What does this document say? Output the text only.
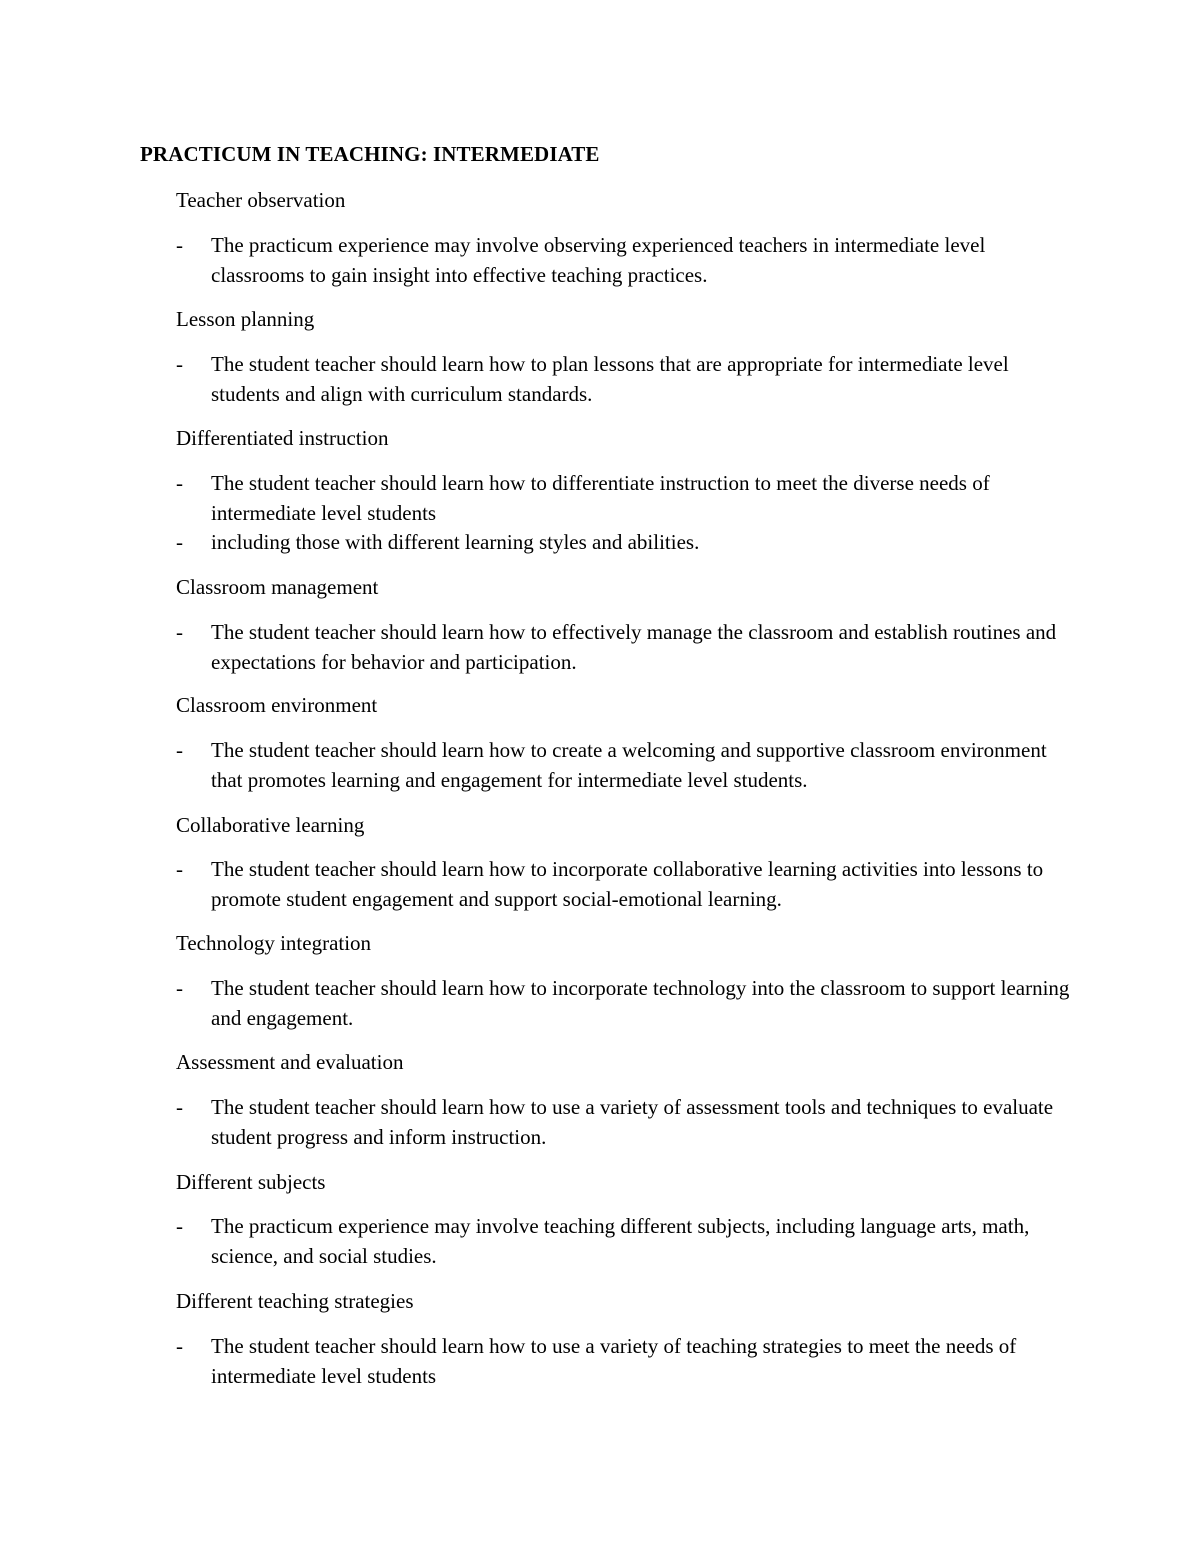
PRACTICUM IN TEACHING: INTERMEDIATE
Teacher observation
- The practicum experience may involve observing experienced teachers in intermediate level classrooms to gain insight into effective teaching practices.
Lesson planning
- The student teacher should learn how to plan lessons that are appropriate for intermediate level students and align with curriculum standards.
Differentiated instruction
- The student teacher should learn how to differentiate instruction to meet the diverse needs of intermediate level students
- including those with different learning styles and abilities.
Classroom management
- The student teacher should learn how to effectively manage the classroom and establish routines and expectations for behavior and participation.
Classroom environment
- The student teacher should learn how to create a welcoming and supportive classroom environment that promotes learning and engagement for intermediate level students.
Collaborative learning
- The student teacher should learn how to incorporate collaborative learning activities into lessons to promote student engagement and support social-emotional learning.
Technology integration
- The student teacher should learn how to incorporate technology into the classroom to support learning and engagement.
Assessment and evaluation
- The student teacher should learn how to use a variety of assessment tools and techniques to evaluate student progress and inform instruction.
Different subjects
- The practicum experience may involve teaching different subjects, including language arts, math, science, and social studies.
Different teaching strategies
- The student teacher should learn how to use a variety of teaching strategies to meet the needs of intermediate level students
